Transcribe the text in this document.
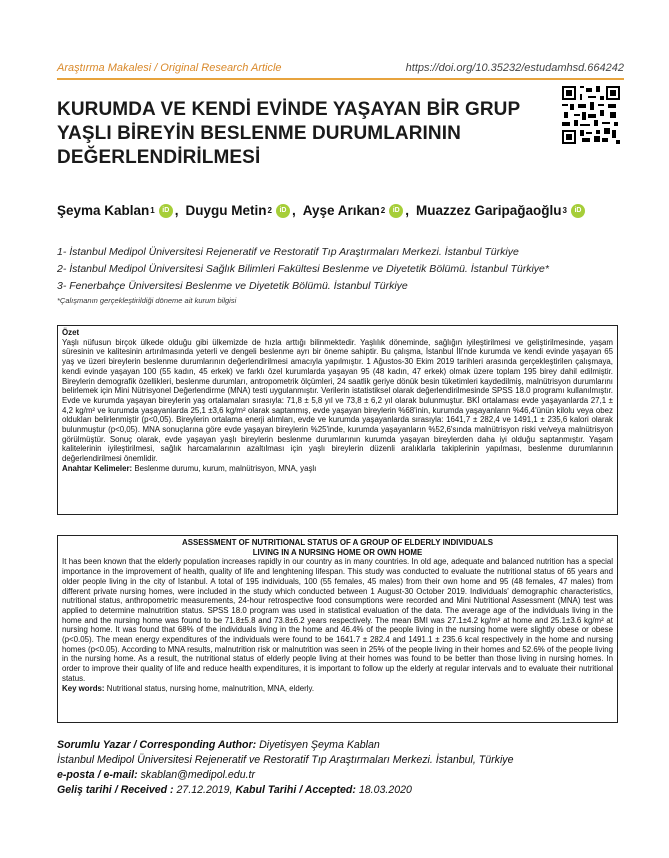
Araştırma Makalesi / Original Research Article	https://doi.org/10.35232/estudamhsd.664242
KURUMDA VE KENDİ EVİNDE YAŞAYAN BİR GRUP YAŞLI BİREYİN BESLENME DURUMLARININ DEĞERLENDİRİLMESİ
Şeyma Kablan 1	iD , Duygu Metin 2	iD , Ayşe Arıkan 2	iD , Muazzez Garipağaoğlu 3	iD
1- İstanbul Medipol Üniversitesi Rejeneratif ve Restoratif Tıp Araştırmaları Merkezi. İstanbul Türkiye
2- İstanbul Medipol Üniversitesi Sağlık Bilimleri Fakültesi Beslenme ve Diyetetik Bölümü. İstanbul Türkiye*
3- Fenerbahçe Üniversitesi Beslenme ve Diyetetik Bölümü. İstanbul Türkiye
*Çalışmanın gerçekleştirildiği döneme ait kurum bilgisi
Özet
Yaşlı nüfusun birçok ülkede olduğu gibi ülkemizde de hızla arttığı bilinmektedir. Yaşlılık döneminde, sağlığın iyileştirilmesi ve geliştirilmesinde, yaşam süresinin ve kalitesinin artırılmasında yeterli ve dengeli beslenme ayrı bir öneme sahiptir. Bu çalışma, İstanbul İli'nde kurumda ve kendi evinde yaşayan 65 yaş ve üzeri bireylerin beslenme durumlarının değerlendirilmesi amacıyla yapılmıştır. 1 Ağustos-30 Ekim 2019 tarihleri arasında gerçekleştirilen çalışmaya, kendi evinde yaşayan 100 (55 kadın, 45 erkek) ve farklı özel kurumlarda yaşayan 95 (48 kadın, 47 erkek) olmak üzere toplam 195 birey dahil edilmiştir. Bireylerin demografik özellikleri, beslenme durumları, antropometrik ölçümleri, 24 saatlik geriye dönük besin tüketimleri kaydedilmiş, malnütrisyon durumlarını belirlemek için Mini Nütrisyonel Değerlendirme (MNA) testi uygulanmıştır. Verilerin istatistiksel olarak değerlendirilmesinde SPSS 18.0 programı kullanılmıştır. Evde ve kurumda yaşayan bireylerin yaş ortalamaları sırasıyla: 71,8 ± 5,8 yıl ve 73,8 ± 6,2 yıl olarak bulunmuştur. BKİ ortalaması evde yaşayanlarda 27,1 ± 4,2 kg/m² ve kurumda yaşayanlarda 25,1 ±3,6 kg/m² olarak saptanmış, evde yaşayan bireylerin %68'inin, kurumda yaşayanların %46,4'ünün kilolu veya obez oldukları belirlenmiştir (p<0,05). Bireylerin ortalama enerji alımları, evde ve kurumda yaşayanlarda sırasıyla: 1641,7 ± 282,4 ve 1491,1 ± 235,6 kalori olarak bulunmuştur (p<0,05). MNA sonuçlarına göre evde yaşayan bireylerin %25'inde, kurumda yaşayanların %52,6'sında malnütrisyon riski ve/veya malnütrisyon görülmüştür. Sonuç olarak, evde yaşayan yaşlı bireylerin beslenme durumlarının kurumda yaşayan bireylerden daha iyi olduğu saptanmıştır. Yaşam kalitelerinin iyileştirilmesi, sağlık harcamalarının azaltılması için yaşlı bireylerin düzenli aralıklarla takiplerinin yapılması, beslenme durumlarının değerlendirilmesi önemlidir.
Anahtar Kelimeler: Beslenme durumu, kurum, malnütrisyon, MNA, yaşlı
ASSESSMENT OF NUTRITIONAL STATUS OF A GROUP OF ELDERLY INDIVIDUALS
LIVING IN A NURSING HOME OR OWN HOME
It has been known that the elderly population increases rapidly in our country as in many countries. In old age, adequate and balanced nutrition has a special importance in the improvement of health, quality of life and lenghtening lifespan. This study was conducted to evaluate the nutritional status of 65 years and older people living in the city of Istanbul. A total of 195 individuals, 100 (55 females, 45 males) from their own home and 95 (48 females, 47 males) from different private nursing homes, were included in the study which conducted between 1 August-30 October 2019. Individuals' demographic characteristics, nutritional status, anthropometric measurements, 24-hour retrospective food consumptions were recorded and Mini Nutritional Assessment (MNA) test was applied to determine malnutrition status. SPSS 18.0 program was used in statistical evaluation of the data. The average age of the individuals living in the home and the nursing home was found to be 71.8±5.8 and 73.8±6.2 years respectively. The mean BMI was 27.1±4.2 kg/m² at home and 25.1±3.6 kg/m² at nursing home. It was found that 68% of the individuals living in the home and 46.4% of the people living in the nursing home were slightly obese or obese (p<0.05). The mean energy expenditures of the individuals were found to be 1641.7 ± 282.4 and 1491.1 ± 235.6 kcal respectively in the home and nursing homes (p<0.05). According to MNA results, malnutrition risk or malnutrition was seen in 25% of the people living in their homes and 52.6% of the people living in the nursing home. As a result, the nutritional status of elderly people living at their homes was found to be better than those living in nursing homes. In order to improve their quality of life and reduce health expenditures, it is important to follow up the elderly at regular intervals and to evaluate their nutritional status.
Key words: Nutritional status, nursing home, malnutrition, MNA, elderly.
Sorumlu Yazar / Corresponding Author: Diyetisyen Şeyma Kablan
İstanbul Medipol Üniversitesi Rejeneratif ve Restoratif Tıp Araştırmaları Merkezi. İstanbul, Türkiye
e-posta / e-mail: skablan@medipol.edu.tr
Geliş tarihi / Received : 27.12.2019, Kabul Tarihi / Accepted: 18.03.2020
